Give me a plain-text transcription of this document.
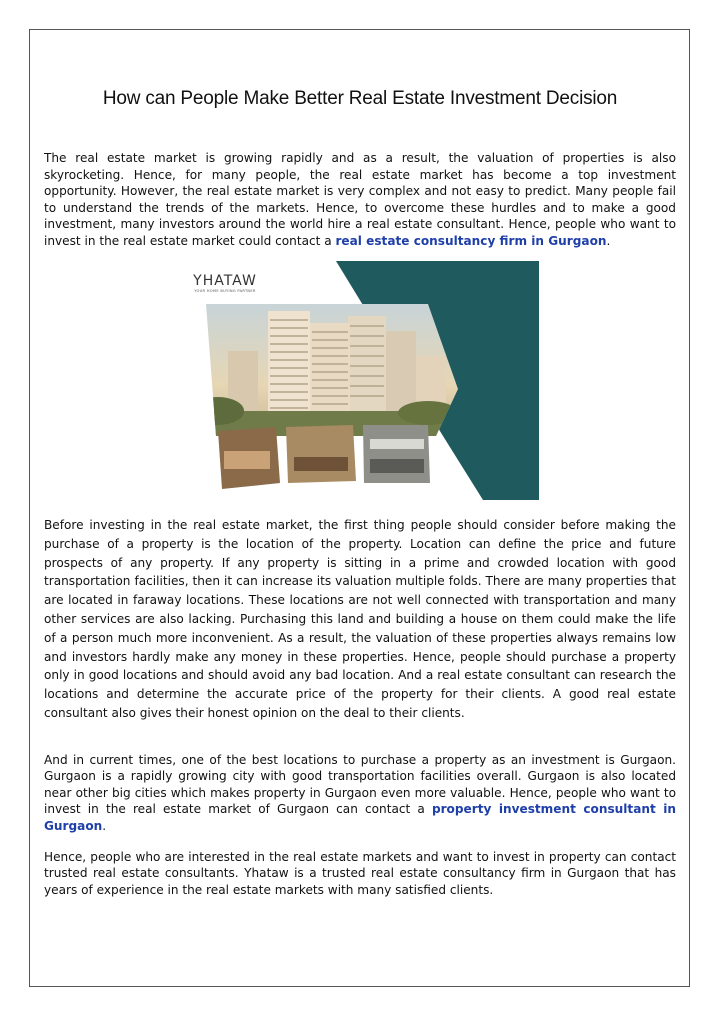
How can People Make Better Real Estate Investment Decision

The real estate market is growing rapidly and as a result, the valuation of properties is also skyrocketing. Hence, for many people, the real estate market has become a top investment opportunity. However, the real estate market is very complex and not easy to predict. Many people fail to understand the trends of the markets. Hence, to overcome these hurdles and to make a good investment, many investors around the world hire a real estate consultant. Hence, people who want to invest in the real estate market could contact a real estate consultancy firm in Gurgaon.

YHATAW
YOUR HOME BUYING PARTNER

Before investing in the real estate market, the first thing people should consider before making the purchase of a property is the location of the property. Location can define the price and future prospects of any property. If any property is sitting in a prime and crowded location with good transportation facilities, then it can increase its valuation multiple folds. There are many properties that are located in faraway locations. These locations are not well connected with transportation and many other services are also lacking. Purchasing this land and building a house on them could make the life of a person much more inconvenient. As a result, the valuation of these properties always remains low and investors hardly make any money in these properties. Hence, people should purchase a property only in good locations and should avoid any bad location. And a real estate consultant can research the locations and determine the accurate price of the property for their clients. A good real estate consultant also gives their honest opinion on the deal to their clients.

And in current times, one of the best locations to purchase a property as an investment is Gurgaon. Gurgaon is a rapidly growing city with good transportation facilities overall. Gurgaon is also located near other big cities which makes property in Gurgaon even more valuable. Hence, people who want to invest in the real estate market of Gurgaon can contact a property investment consultant in Gurgaon.

Hence, people who are interested in the real estate markets and want to invest in property can contact trusted real estate consultants. Yhataw is a trusted real estate consultancy firm in Gurgaon that has years of experience in the real estate markets with many satisfied clients.
